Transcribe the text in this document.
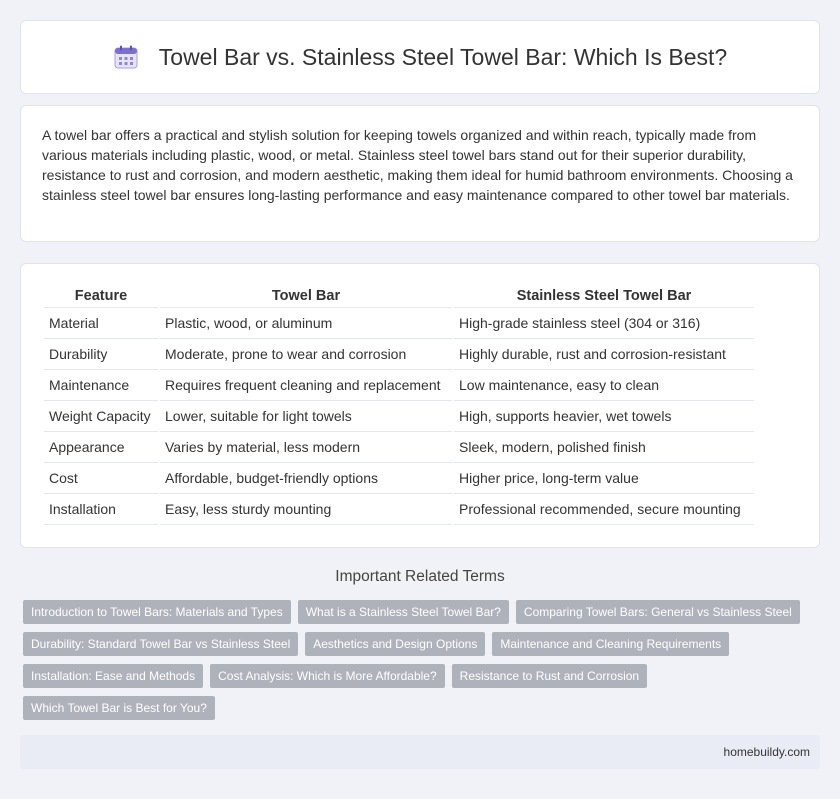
Towel Bar vs. Stainless Steel Towel Bar: Which Is Best?

A towel bar offers a practical and stylish solution for keeping towels organized and within reach, typically made from various materials including plastic, wood, or metal. Stainless steel towel bars stand out for their superior durability, resistance to rust and corrosion, and modern aesthetic, making them ideal for humid bathroom environments. Choosing a stainless steel towel bar ensures long-lasting performance and easy maintenance compared to other towel bar materials.

Feature	Towel Bar	Stainless Steel Towel Bar
Material	Plastic, wood, or aluminum	High-grade stainless steel (304 or 316)
Durability	Moderate, prone to wear and corrosion	Highly durable, rust and corrosion-resistant
Maintenance	Requires frequent cleaning and replacement	Low maintenance, easy to clean
Weight Capacity	Lower, suitable for light towels	High, supports heavier, wet towels
Appearance	Varies by material, less modern	Sleek, modern, polished finish
Cost	Affordable, budget-friendly options	Higher price, long-term value
Installation	Easy, less sturdy mounting	Professional recommended, secure mounting
Important Related Terms
Introduction to Towel Bars: Materials and Types	What is a Stainless Steel Towel Bar?	Comparing Towel Bars: General vs Stainless Steel
Durability: Standard Towel Bar vs Stainless Steel	Aesthetics and Design Options	Maintenance and Cleaning Requirements
Installation: Ease and Methods	Cost Analysis: Which is More Affordable?	Resistance to Rust and Corrosion
Which Towel Bar is Best for You?
homebuildy.com
